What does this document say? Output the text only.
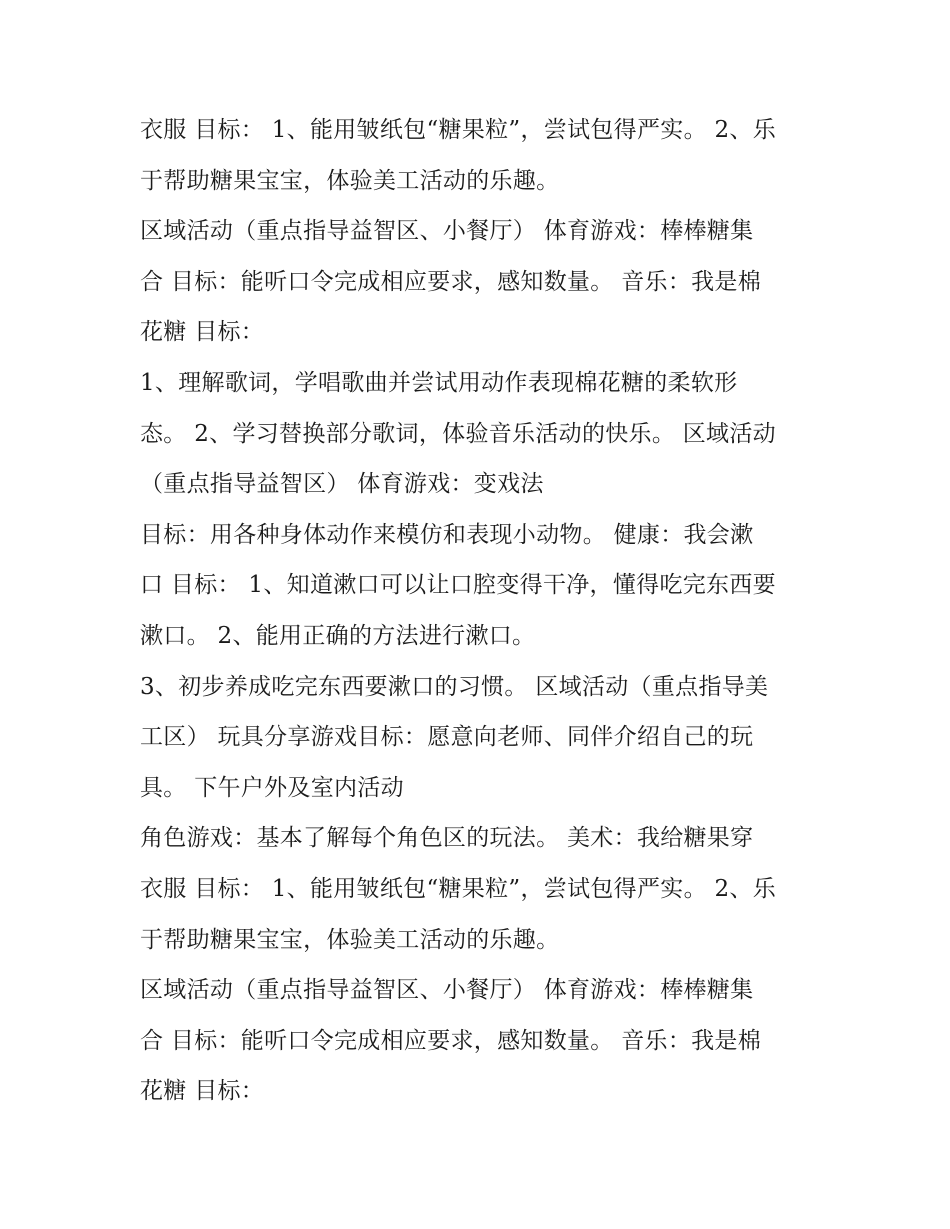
衣服 目标： 1、能用皱纸包“糖果粒”，尝试包得严实。 2、乐
于帮助糖果宝宝，体验美工活动的乐趣。
区域活动（重点指导益智区、小餐厅） 体育游戏：棒棒糖集
合 目标：能听口令完成相应要求，感知数量。 音乐：我是棉
花糖 目标：
1、理解歌词，学唱歌曲并尝试用动作表现棉花糖的柔软形
态。 2、学习替换部分歌词，体验音乐活动的快乐。 区域活动
（重点指导益智区） 体育游戏：变戏法
目标：用各种身体动作来模仿和表现小动物。 健康：我会漱
口 目标： 1、知道漱口可以让口腔变得干净，懂得吃完东西要
漱口。 2、能用正确的方法进行漱口。
3、初步养成吃完东西要漱口的习惯。 区域活动（重点指导美
工区） 玩具分享游戏目标：愿意向老师、同伴介绍自己的玩
具。 下午户外及室内活动
角色游戏：基本了解每个角色区的玩法。 美术：我给糖果穿
衣服 目标： 1、能用皱纸包“糖果粒”，尝试包得严实。 2、乐
于帮助糖果宝宝，体验美工活动的乐趣。
区域活动（重点指导益智区、小餐厅） 体育游戏：棒棒糖集
合 目标：能听口令完成相应要求，感知数量。 音乐：我是棉
花糖 目标：
